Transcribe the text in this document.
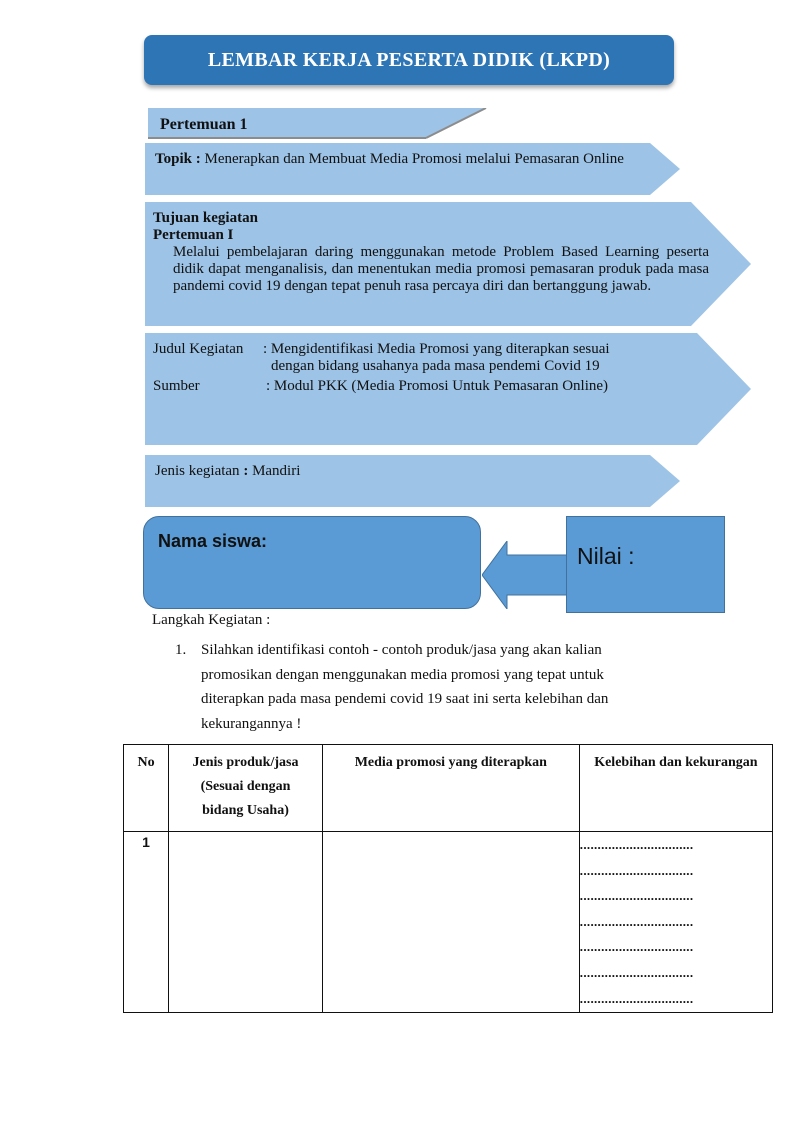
LEMBAR KERJA PESERTA DIDIK (LKPD)
Pertemuan 1
Topik : Menerapkan dan Membuat Media Promosi melalui Pemasaran Online
Tujuan kegiatan
Pertemuan I
Melalui pembelajaran daring menggunakan metode Problem Based Learning peserta didik dapat menganalisis, dan menentukan media promosi pemasaran produk pada masa pandemi covid 19 dengan tepat penuh rasa percaya diri dan bertanggung jawab.
Judul Kegiatan	: Mengidentifikasi Media Promosi yang diterapkan sesuai
dengan bidang usahanya pada masa pendemi Covid 19
Sumber	: Modul PKK (Media Promosi Untuk Pemasaran Online)
Jenis kegiatan : Mandiri
Nama siswa:
Nilai :
Langkah Kegiatan :
1. Silahkan identifikasi contoh - contoh produk/jasa yang akan kalian promosikan dengan menggunakan media promosi yang tepat untuk diterapkan pada masa pendemi covid 19 saat ini serta kelebihan dan kekurangannya !
No	Jenis produk/jasa
(Sesuai dengan
bidang Usaha)	Media promosi yang diterapkan	Kelebihan dan kekurangan
1			................................
................................
................................
................................
................................
................................
................................
